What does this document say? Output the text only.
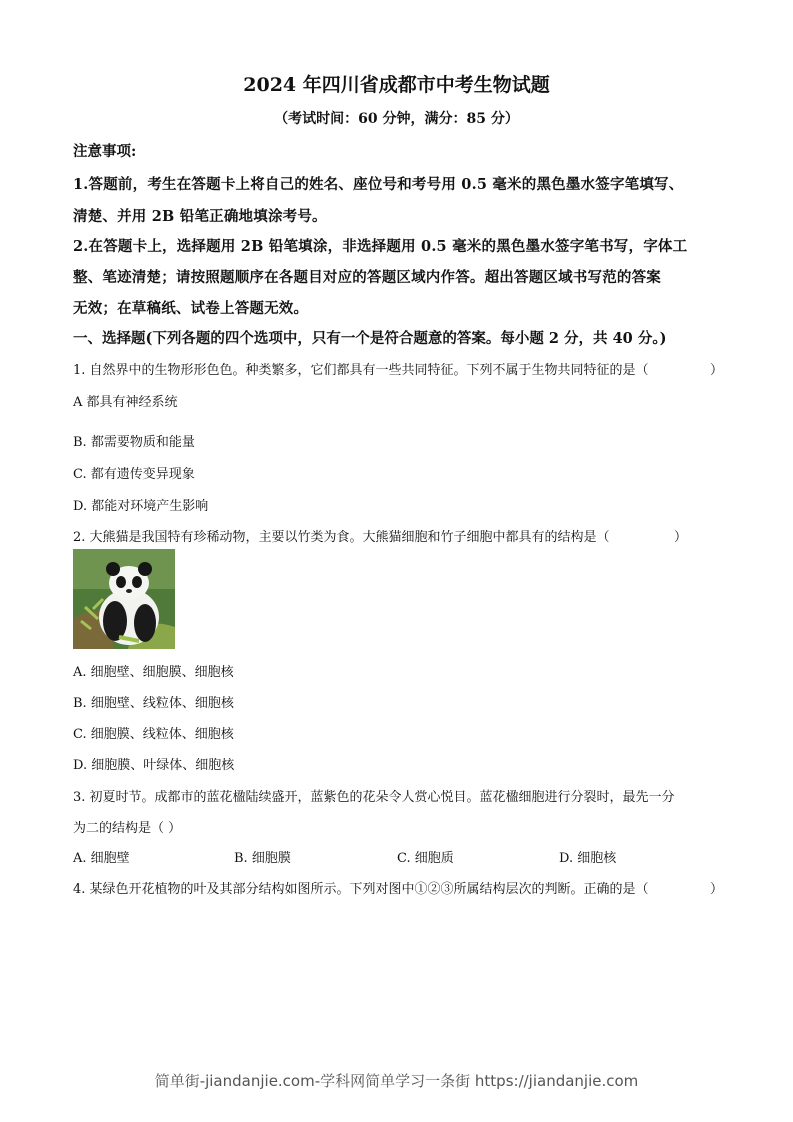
2024 年四川省成都市中考生物试题
（考试时间：60 分钟，满分：85 分）
注意事项:
1.答题前，考生在答题卡上将自己的姓名、座位号和考号用 0.5 毫米的黑色墨水签字笔填写、
清楚、并用 2B 铅笔正确地填涂考号。
2.在答题卡上，选择题用 2B 铅笔填涂，非选择题用 0.5 毫米的黑色墨水签字笔书写，字体工
整、笔迹清楚；请按照题顺序在各题目对应的答题区域内作答。超出答题区域书写范的答案
无效；在草稿纸、试卷上答题无效。
一、选择题(下列各题的四个选项中，只有一个是符合题意的答案。每小题 2 分，共 40 分。)
1. 自然界中的生物形形色色。种类繁多，它们都具有一些共同特征。下列不属于生物共同特征的是（	）
A 都具有神经系统
B. 都需要物质和能量
C. 都有遗传变异现象
D. 都能对环境产生影响
2. 大熊猫是我国特有珍稀动物，主要以竹类为食。大熊猫细胞和竹子细胞中都具有的结构是（	）
A. 细胞壁、细胞膜、细胞核
B. 细胞壁、线粒体、细胞核
C. 细胞膜、线粒体、细胞核
D. 细胞膜、叶绿体、细胞核
3. 初夏时节。成都市的蓝花楹陆续盛开，蓝紫色的花朵令人赏心悦目。蓝花楹细胞进行分裂时，最先一分
为二的结构是（ ）
A. 细胞壁	B. 细胞膜	C. 细胞质	D. 细胞核
4. 某绿色开花植物的叶及其部分结构如图所示。下列对图中①②③所属结构层次的判断。正确的是（	）
简单街-jiandanjie.com-学科网简单学习一条街 https://jiandanjie.com
